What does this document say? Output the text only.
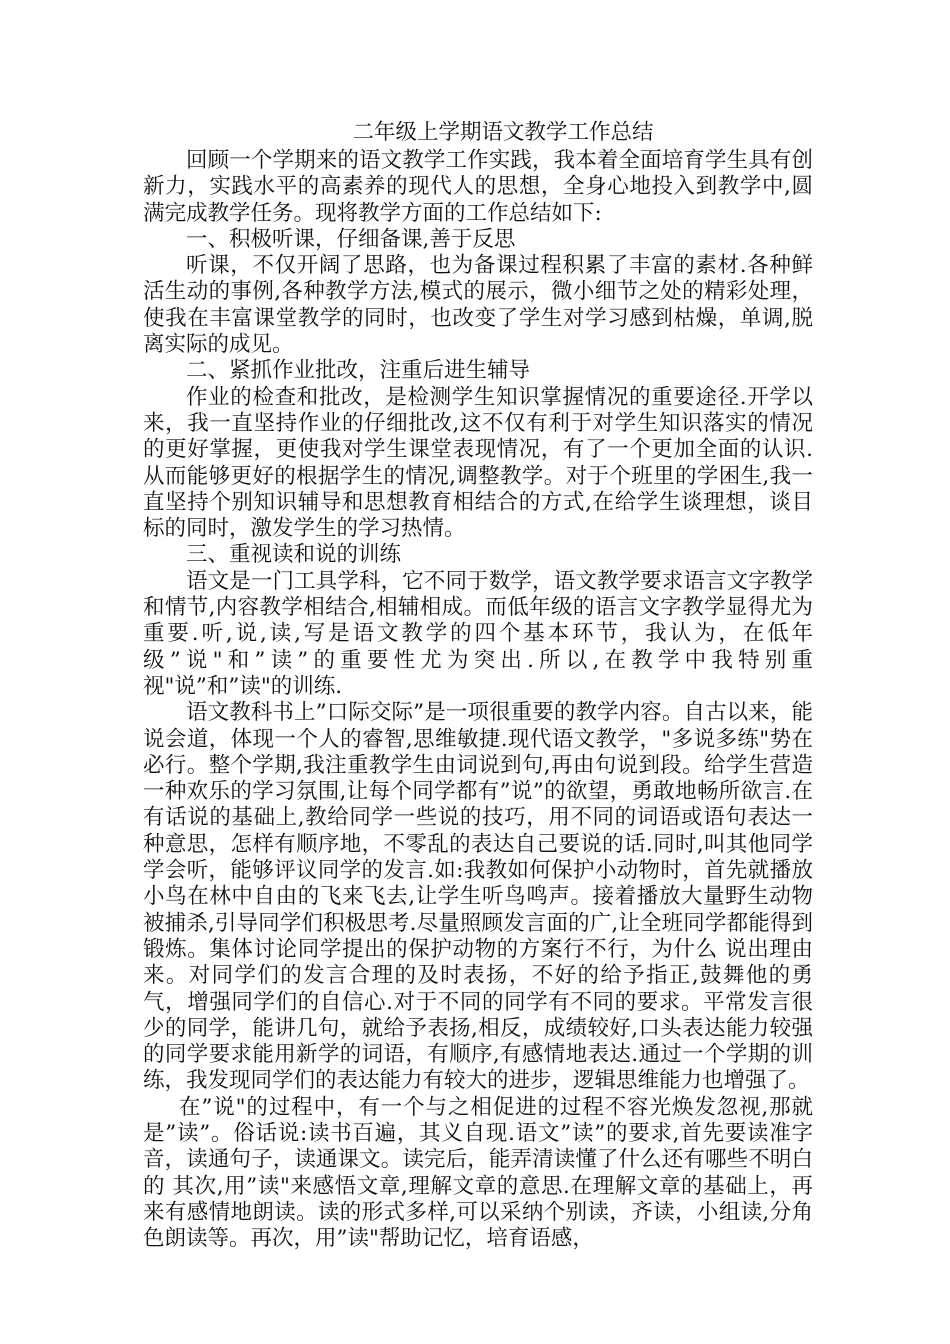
二年级上学期语文教学工作总结

回顾一个学期来的语文教学工作实践，我本着全面培育学生具有创新力，实践水平的高素养的现代人的思想，全身心地投入到教学中,圆满完成教学任务。现将教学方面的工作总结如下:

一、积极听课，仔细备课,善于反思

听课，不仅开阔了思路，也为备课过程积累了丰富的素材.各种鲜活生动的事例,各种教学方法,模式的展示，微小细节之处的精彩处理，使我在丰富课堂教学的同时，也改变了学生对学习感到枯燥，单调,脱离实际的成见。

二、紧抓作业批改，注重后进生辅导

作业的检查和批改，是检测学生知识掌握情况的重要途径.开学以来，我一直坚持作业的仔细批改,这不仅有利于对学生知识落实的情况的更好掌握，更使我对学生课堂表现情况，有了一个更加全面的认识.从而能够更好的根据学生的情况,调整教学。对于个班里的学困生,我一直坚持个别知识辅导和思想教育相结合的方式,在给学生谈理想，谈目标的同时，激发学生的学习热情。

三、重视读和说的训练

语文是一门工具学科，它不同于数学，语文教学要求语言文字教学和情节,内容教学相结合,相辅相成。而低年级的语言文字教学显得尤为重要.听,说,读,写是语文教学的四个基本环节，我认为，在低年级”说"和”读”的重要性尤为突出.所以,在教学中我特别重视"说”和”读"的训练.

语文教科书上”口际交际”是一项很重要的教学内容。自古以来，能说会道，体现一个人的睿智,思维敏捷.现代语文教学，"多说多练"势在必行。整个学期,我注重教学生由词说到句,再由句说到段。给学生营造一种欢乐的学习氛围,让每个同学都有”说”的欲望，勇敢地畅所欲言.在有话说的基础上,教给同学一些说的技巧，用不同的词语或语句表达一种意思，怎样有顺序地，不零乱的表达自己要说的话.同时,叫其他同学学会听，能够评议同学的发言.如:我教如何保护小动物时，首先就播放小鸟在林中自由的飞来飞去,让学生听鸟鸣声。接着播放大量野生动物被捕杀,引导同学们积极思考.尽量照顾发言面的广,让全班同学都能得到锻炼。集体讨论同学提出的保护动物的方案行不行，为什么 说出理由来。对同学们的发言合理的及时表扬，不好的给予指正,鼓舞他的勇气，增强同学们的自信心.对于不同的同学有不同的要求。平常发言很少的同学，能讲几句，就给予表扬,相反，成绩较好,口头表达能力较强的同学要求能用新学的词语，有顺序,有感情地表达.通过一个学期的训练，我发现同学们的表达能力有较大的进步，逻辑思维能力也增强了。

在”说"的过程中，有一个与之相促进的过程不容光焕发忽视,那就是”读”。俗话说:读书百遍，其义自现.语文”读”的要求,首先要读准字音，读通句子，读通课文。读完后，能弄清读懂了什么还有哪些不明白的 其次,用”读"来感悟文章,理解文章的意思.在理解文章的基础上，再来有感情地朗读。读的形式多样,可以采纳个别读，齐读，小组读,分角色朗读等。再次，用”读"帮助记忆，培育语感，
